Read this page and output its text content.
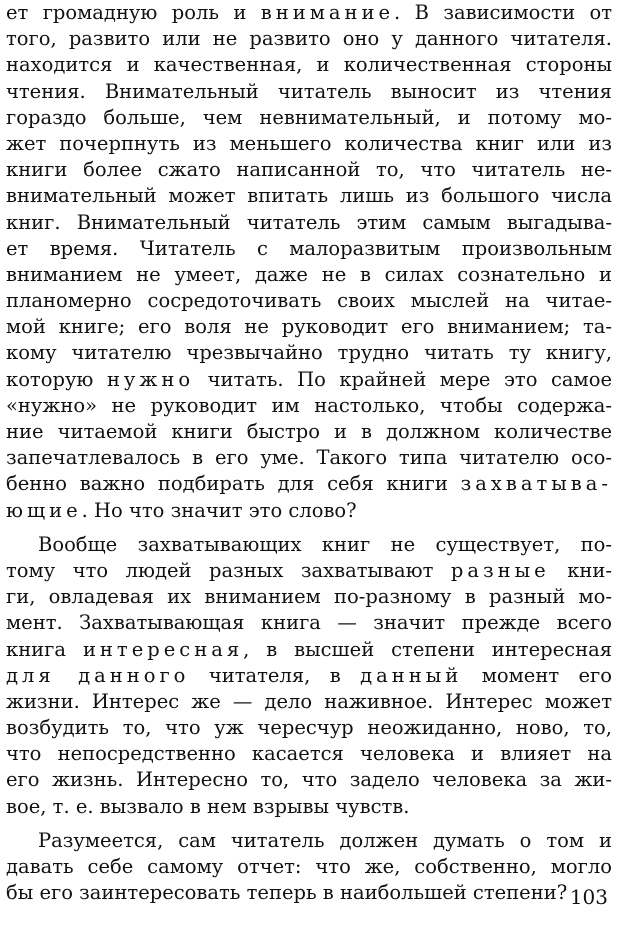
ет громадную роль и внимание. В зависимости от
того, развито или не развито оно у данного читателя.
находится и качественная, и количественная стороны
чтения. Внимательный читатель выносит из чтения
гораздо больше, чем невнимательный, и потому мо-
жет почерпнуть из меньшего количества книг или из
книги более сжато написанной то, что читатель не-
внимательный может впитать лишь из большого числа
книг. Внимательный читатель этим самым выгадыва-
ет время. Читатель с малоразвитым произвольным
вниманием не умеет, даже не в силах сознательно и
планомерно сосредоточивать своих мыслей на читае-
мой книге; его воля не руководит его вниманием; та-
кому читателю чрезвычайно трудно читать ту книгу,
которую нужно читать. По крайней мере это самое
«нужно» не руководит им настолько, чтобы содержа-
ние читаемой книги быстро и в должном количестве
запечатлевалось в его уме. Такого типа читателю осо-
бенно важно подбирать для себя книги захватыва-
ющие. Но что значит это слово?
Вообще захватывающих книг не существует, по-
тому что людей разных захватывают разные кни-
ги, овладевая их вниманием по-разному в разный мо-
мент. Захватывающая книга — значит прежде всего
книга интересная, в высшей степени интересная
для данного читателя, в данный момент его
жизни. Интерес же — дело наживное. Интерес может
возбудить то, что уж чересчур неожиданно, ново, то,
что непосредственно касается человека и влияет на
его жизнь. Интересно то, что задело человека за жи-
вое, т. е. вызвало в нем взрывы чувств.
Разумеется, сам читатель должен думать о том и
давать себе самому отчет: что же, собственно, могло
бы его заинтересовать теперь в наибольшей степени? 103
